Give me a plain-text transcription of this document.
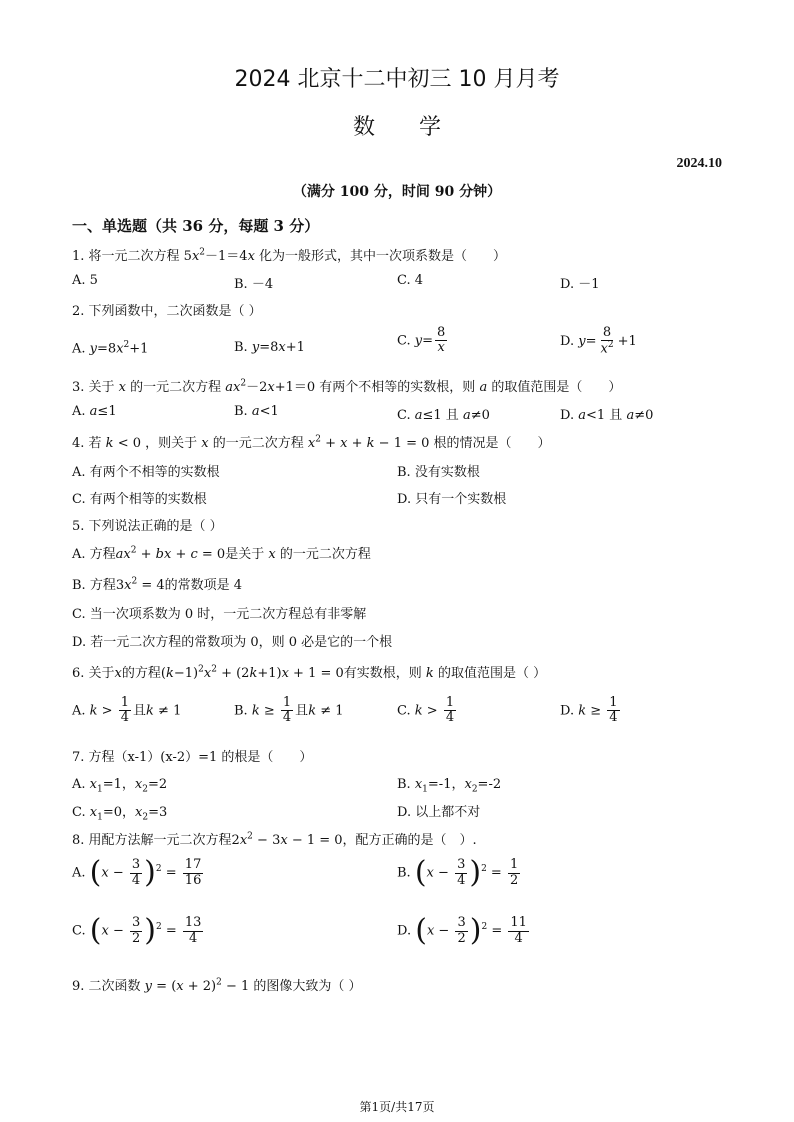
2024 北京十二中初三 10 月月考
数 学
2024.10
（满分 100 分，时间 90 分钟）
一、单选题（共 36 分，每题 3 分）
1. 将一元二次方程 $5x^2-1=4x$ 化为一般形式，其中一次项系数是（　　）
A. 5	B. －4	C. 4	D. －1
2. 下列函数中，二次函数是（ ）
A. $y=8x^2+1$	B. y=8x+1	C. $y= \frac{8}{x}$	D. $y= \frac{8}{x^2} +1$
3. 关于 x 的一元二次方程 $ax^2-2x+1=0$ 有两个不相等的实数根，则 a 的取值范围是（　　）
A. a≤1	B. a<1	C. a≤1 且 a≠0	D. a<1 且 a≠0
4. 若 k < 0 ，则关于 x 的一元二次方程 $x^2 + x + k - 1 = 0$ 根的情况是（　　）
A. 有两个不相等的实数根	B. 没有实数根
C. 有两个相等的实数根	D. 只有一个实数根
5. 下列说法正确的是（ ）
A. 方程$ax^2$ + bx + c = 0是关于 x 的一元二次方程
B. 方程$3x^2 = 4$的常数项是 4
C. 当一次项系数为 0 时，一元二次方程总有非零解
D. 若一元二次方程的常数项为 0，则 0 必是它的一个根
6. 关于x的方程$(k-1)^2x^2 + (2k+1)x + 1 = 0$有实数根，则 k 的取值范围是（ ）
A. $k > \frac{1}{4}$ 且k ≠ 1	B. $k \ge \frac{1}{4}$ 且k ≠ 1	C. $k > \frac{1}{4}$	D. $k \ge \frac{1}{4}$
7. 方程（x-1）(x-2）=1 的根是（　　）
A. $x_1=1$，$x_2=2$	B. $x_1=-1$，$x_2=-2$
C. $x_1=0$，$x_2=3$	D. 以上都不对
8. 用配方法解一元二次方程$2x^2 - 3x - 1 = 0$，配方正确的是（　）.
A. $(x - \frac{3}{4} )^2 = \frac{17}{16}$	B. $(x - \frac{3}{4} )^2 = \frac{1}{2}$
C. $(x - \frac{3}{2} )^2 = \frac{13}{4}$	D. $(x - \frac{3}{2} )^2 = \frac{11}{4}$
9. 二次函数 $y = (x + 2)^2 - 1$ 的图像大致为（ ）
第1页/共17页
